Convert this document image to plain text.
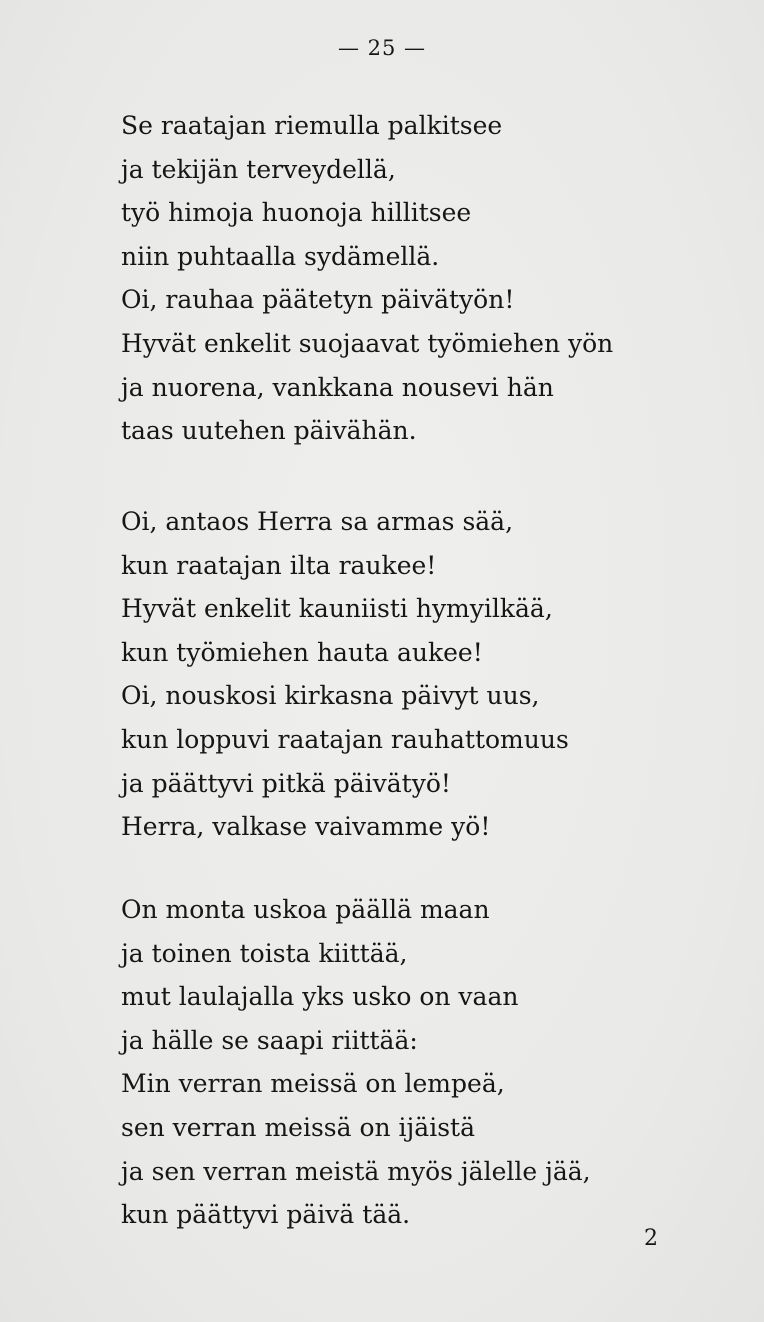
— 25 —
Se raatajan riemulla palkitsee
ja tekijän terveydellä,
työ himoja huonoja hillitsee
niin puhtaalla sydämellä.
Oi, rauhaa päätetyn päivätyön!
Hyvät enkelit suojaavat työmiehen yön
ja nuorena, vankkana nousevi hän
taas uutehen päivähän.
Oi, antaos Herra sa armas sää,
kun raatajan ilta raukee!
Hyvät enkelit kauniisti hymyilkää,
kun työmiehen hauta aukee!
Oi, nouskosi kirkasna päivyt uus,
kun loppuvi raatajan rauhattomuus
ja päättyvi pitkä päivätyö!
Herra, valkase vaivamme yö!
On monta uskoa päällä maan
ja toinen toista kiittää,
mut laulajalla yks usko on vaan
ja hälle se saapi riittää:
Min verran meissä on lempeä,
sen verran meissä on ijäistä
ja sen verran meistä myös jälelle jää,
kun päättyvi päivä tää.
2
